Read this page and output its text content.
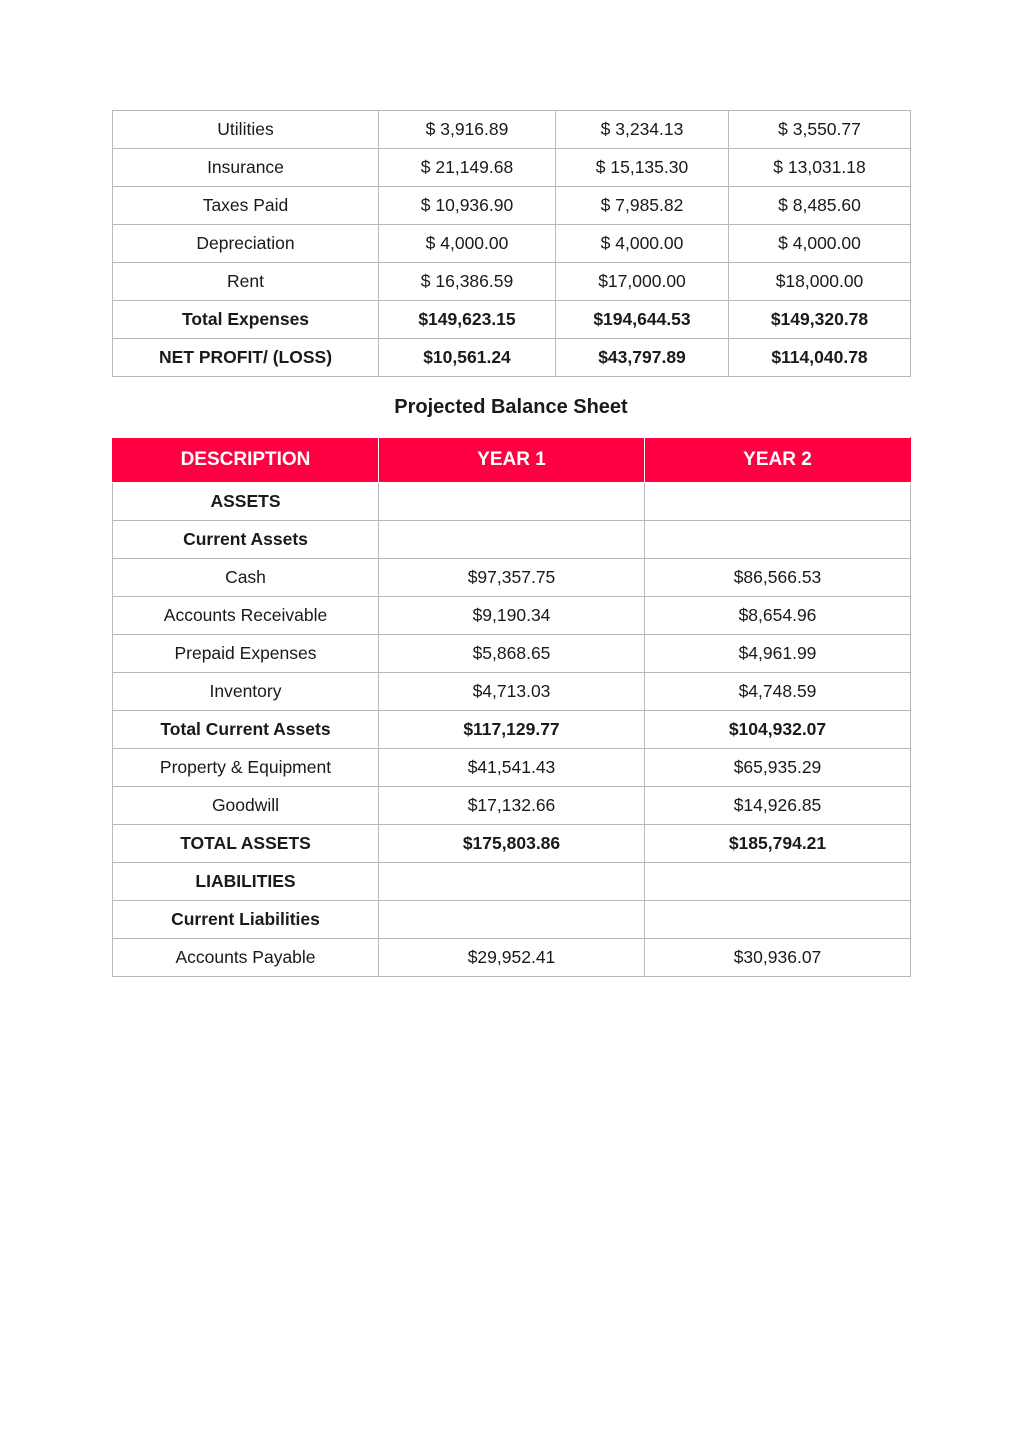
Utilities	$ 3,916.89	$ 3,234.13	$ 3,550.77
Insurance	$ 21,149.68	$ 15,135.30	$ 13,031.18
Taxes Paid	$ 10,936.90	$ 7,985.82	$ 8,485.60
Depreciation	$ 4,000.00	$ 4,000.00	$ 4,000.00
Rent	$ 16,386.59	$17,000.00	$18,000.00
Total Expenses	$149,623.15	$194,644.53	$149,320.78
NET PROFIT/ (LOSS)	$10,561.24	$43,797.89	$114,040.78
Projected Balance Sheet
DESCRIPTION	YEAR 1	YEAR 2
ASSETS		
Current Assets		
Cash	$97,357.75	$86,566.53
Accounts Receivable	$9,190.34	$8,654.96
Prepaid Expenses	$5,868.65	$4,961.99
Inventory	$4,713.03	$4,748.59
Total Current Assets	$117,129.77	$104,932.07
Property & Equipment	$41,541.43	$65,935.29
Goodwill	$17,132.66	$14,926.85
TOTAL ASSETS	$175,803.86	$185,794.21
LIABILITIES		
Current Liabilities		
Accounts Payable	$29,952.41	$30,936.07
